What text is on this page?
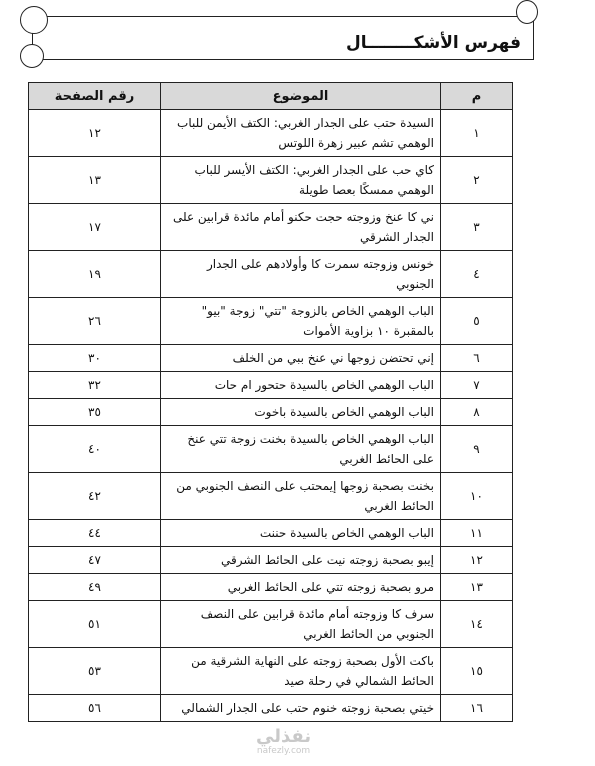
فهرس الأشكــــــــال
م	الموضوع	رقم الصفحة
١	السيدة حتب على الجدار الغربي: الكتف الأيمن للباب الوهمي تشم عبير زهرة اللوتس	١٢
٢	كاي حب على الجدار الغربي: الكتف الأيسر للباب الوهمي ممسكًا بعصا طويلة	١٣
٣	ني كا عنخ وزوجته حجت حكنو أمام مائدة قرابين على الجدار الشرقي	١٧
٤	خونس وزوجته سمرت كا وأولادهم على الجدار الجنوبي	١٩
٥	الباب الوهمي الخاص بالزوجة "تتي" زوجة "بيو" بالمقبرة ١٠ بزاوية الأموات	٢٦
٦	إني تحتضن زوجها ني عنخ ببي من الخلف	٣٠
٧	الباب الوهمي الخاص بالسيدة حتحور ام حات	٣٢
٨	الباب الوهمي الخاص بالسيدة باخوت	٣٥
٩	الباب الوهمي الخاص بالسيدة بخنت زوجة تتي عنخ على الحائط الغربي	٤٠
١٠	بخنت بصحبة زوجها إيمحتب على النصف الجنوبي من الحائط الغربي	٤٢
١١	الباب الوهمي الخاص بالسيدة حننت	٤٤
١٢	إيبو بصحبة زوجته نيت على الحائط الشرقي	٤٧
١٣	مرو بصحبة زوجته تتي على الحائط الغربي	٤٩
١٤	سرف كا وزوجته أمام مائدة قرابين على النصف الجنوبي من الحائط الغربي	٥١
١٥	باكت الأول بصحبة زوجته على النهاية الشرقية من الحائط الشمالي في رحلة صيد	٥٣
١٦	خيتي بصحبة زوجته خنوم حتب على الجدار الشمالي	٥٦
نفذلي
nafezly.com
